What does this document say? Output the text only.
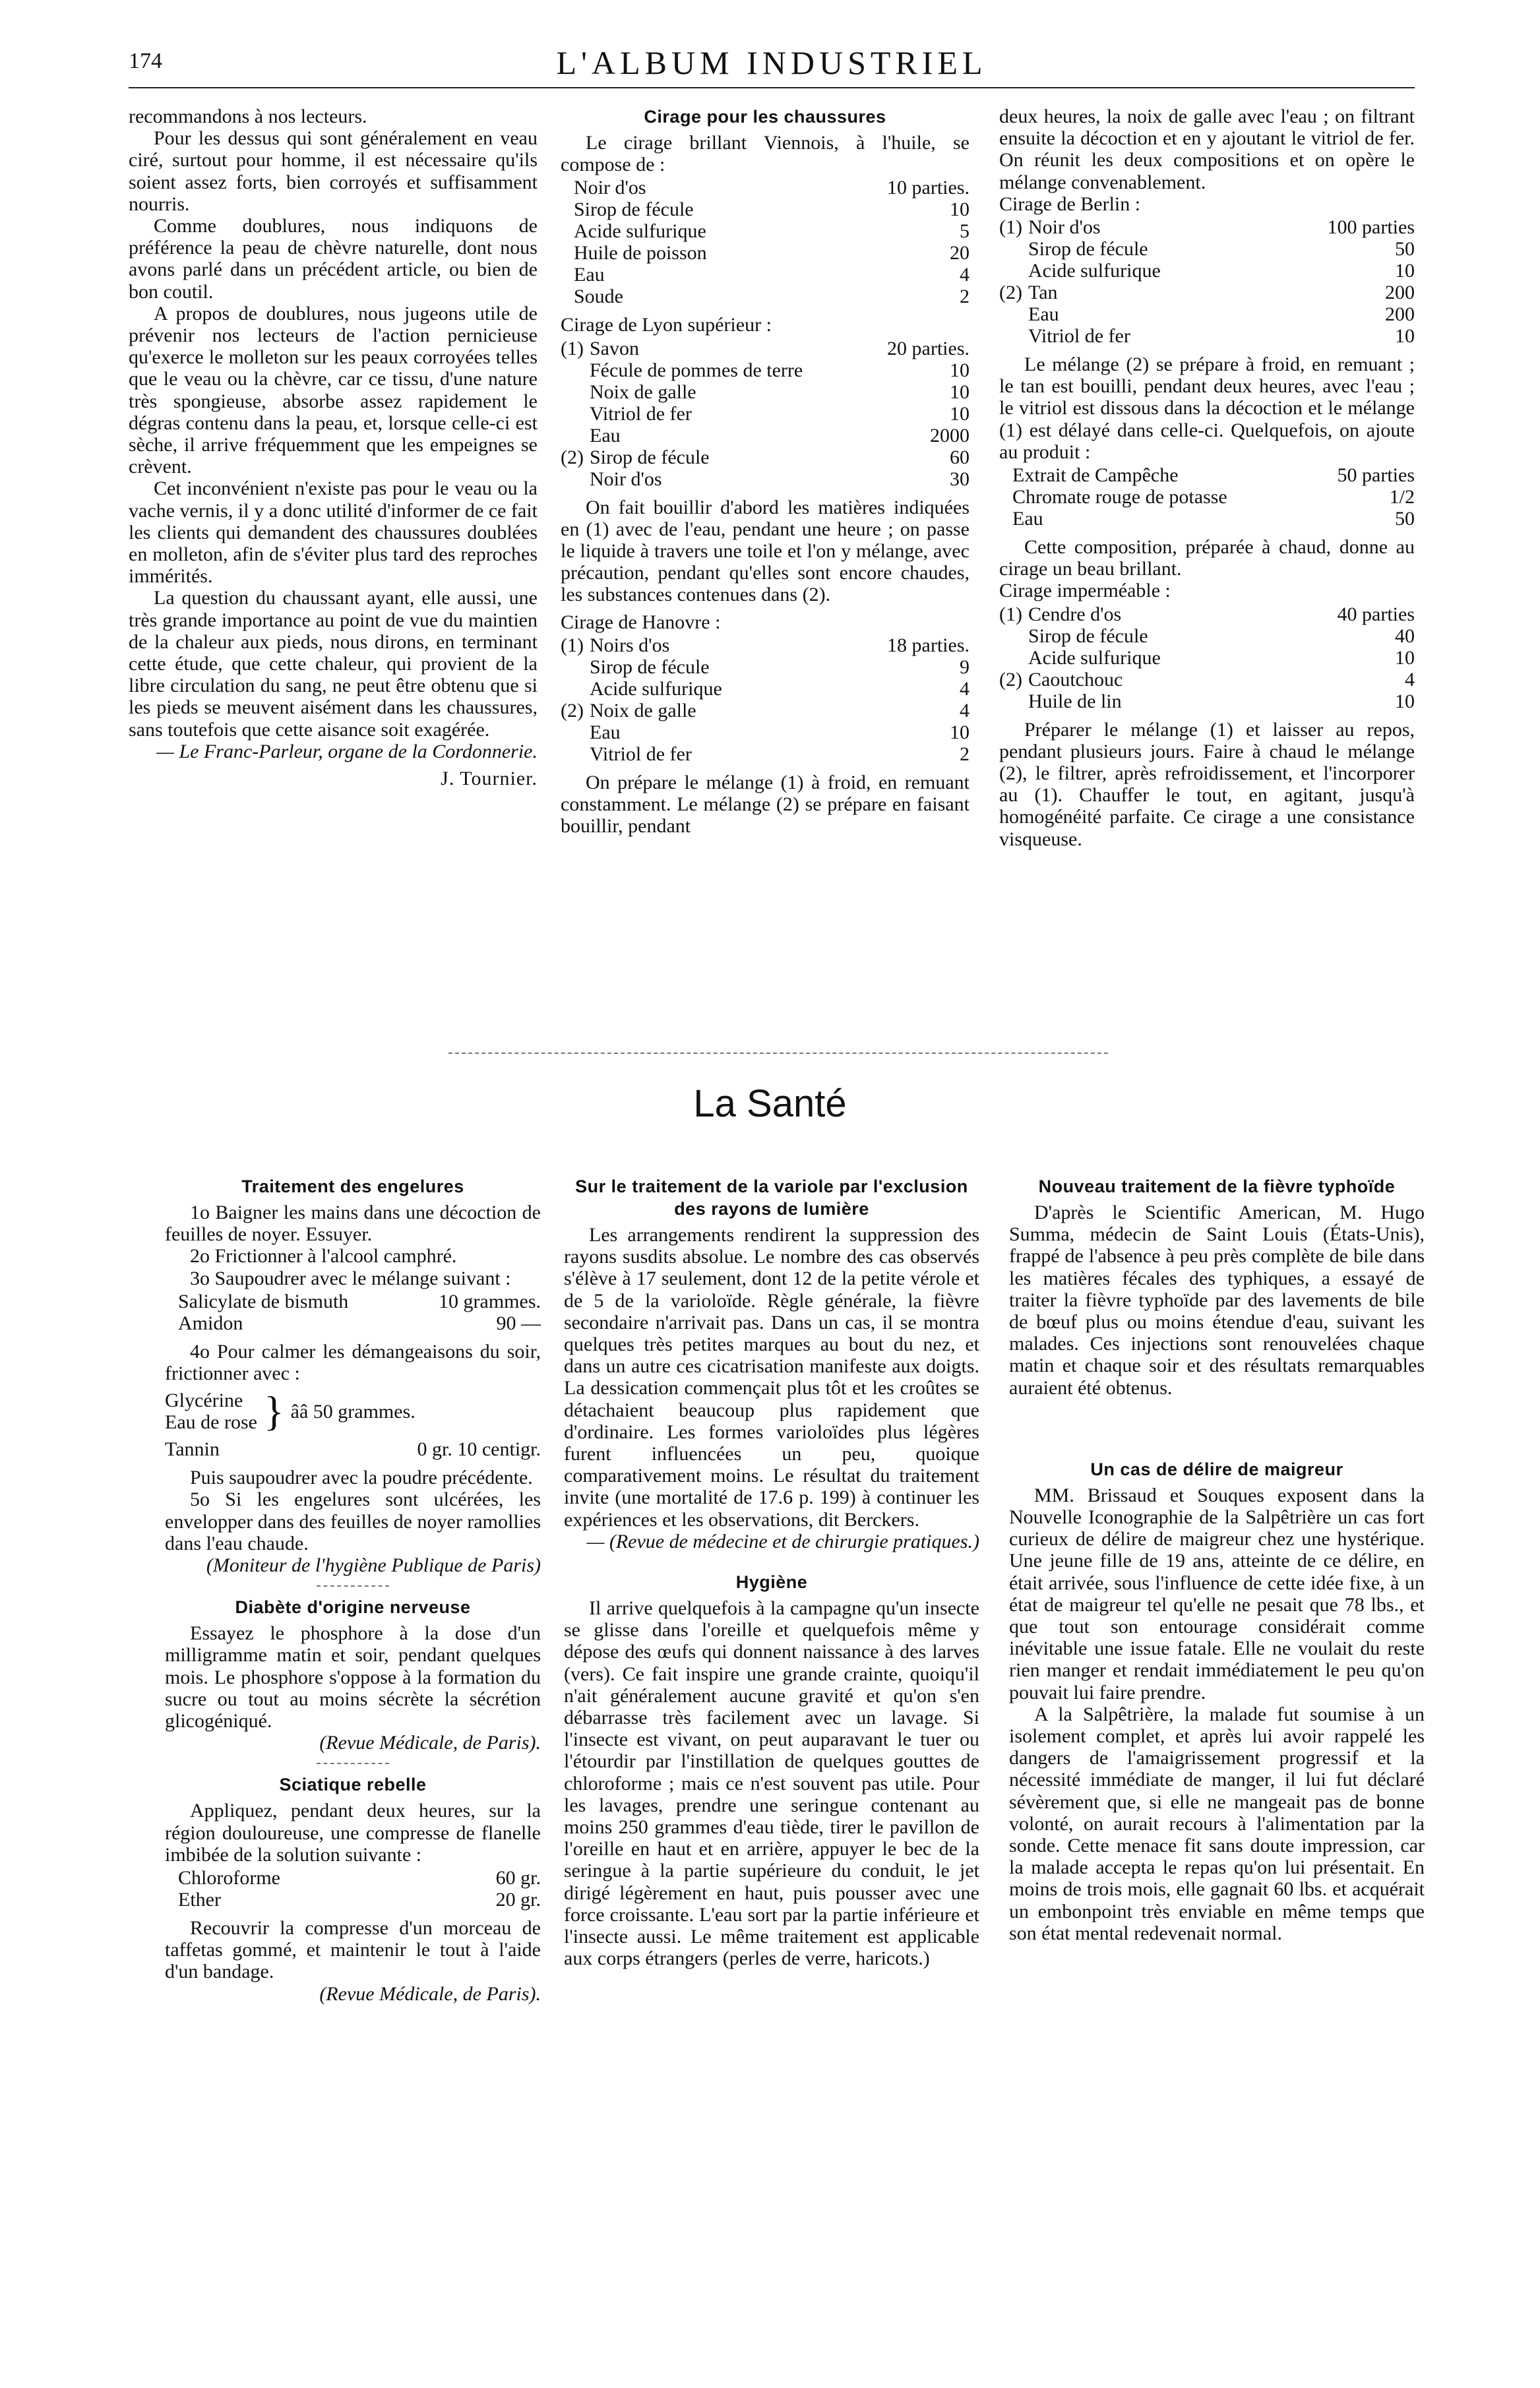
174	L'ALBUM INDUSTRIEL

recommandons à nos lecteurs.

Pour les dessus qui sont généralement en veau ciré, surtout pour homme, il est nécessaire qu'ils soient assez forts, bien corroyés et suffisamment nourris.

Comme doublures, nous indiquons de préférence la peau de chèvre naturelle, dont nous avons parlé dans un précédent article, ou bien de bon coutil.

A propos de doublures, nous jugeons utile de prévenir nos lecteurs de l'action pernicieuse qu'exerce le molleton sur les peaux corroyées telles que le veau ou la chèvre, car ce tissu, d'une nature très spongieuse, absorbe assez rapidement le dégras contenu dans la peau, et, lorsque celle-ci est sèche, il arrive fréquemment que les empeignes se crèvent.

Cet inconvénient n'existe pas pour le veau ou la vache vernis, il y a donc utilité d'informer de ce fait les clients qui demandent des chaussures doublées en molleton, afin de s'éviter plus tard des reproches immérités.

La question du chaussant ayant, elle aussi, une très grande importance au point de vue du maintien de la chaleur aux pieds, nous dirons, en terminant cette étude, que cette chaleur, qui provient de la libre circulation du sang, ne peut être obtenu que si les pieds se meuvent aisément dans les chaussures, sans toutefois que cette aisance soit exagérée.

— Le Franc-Parleur, organe de la Cordonnerie.
J. Tournier.
Cirage pour les chaussures

Le cirage brillant Viennois, à l'huile, se compose de :

Noir d'os	10 parties.
Sirop de fécule	10
Acide sulfurique	5
Huile de poisson	20
Eau	4
Soude	2

Cirage de Lyon supérieur :

(1)	Savon	20 parties.
	Fécule de pommes de terre	10
	Noix de galle	10
	Vitriol de fer	10
	Eau	2000
(2)	Sirop de fécule	60
	Noir d'os	30

On fait bouillir d'abord les matières indiquées en (1) avec de l'eau, pendant une heure ; on passe le liquide à travers une toile et l'on y mélange, avec précaution, pendant qu'elles sont encore chaudes, les substances contenues dans (2).

Cirage de Hanovre :

(1)	Noirs d'os	18 parties.
	Sirop de fécule	9
	Acide sulfurique	4
(2)	Noix de galle	4
	Eau	10
	Vitriol de fer	2

On prépare le mélange (1) à froid, en remuant constamment. Le mélange (2) se prépare en faisant bouillir, pendant

deux heures, la noix de galle avec l'eau ; on filtrant ensuite la décoction et en y ajoutant le vitriol de fer. On réunit les deux compositions et on opère le mélange convenablement.

Cirage de Berlin :

(1)	Noir d'os	100 parties
	Sirop de fécule	50
	Acide sulfurique	10
(2)	Tan	200
	Eau	200
	Vitriol de fer	10

Le mélange (2) se prépare à froid, en remuant ; le tan est bouilli, pendant deux heures, avec l'eau ; le vitriol est dissous dans la décoction et le mélange (1) est délayé dans celle-ci. Quelquefois, on ajoute au produit :

Extrait de Campêche	50 parties
Chromate rouge de potasse	1/2
Eau	50

Cette composition, préparée à chaud, donne au cirage un beau brillant.

Cirage imperméable :

(1)	Cendre d'os	40 parties
	Sirop de fécule	40
	Acide sulfurique	10
(2)	Caoutchouc	4
	Huile de lin	10

Préparer le mélange (1) et laisser au repos, pendant plusieurs jours. Faire à chaud le mélange (2), le filtrer, après refroidissement, et l'incorporer au (1). Chauffer le tout, en agitant, jusqu'à homogénéité parfaite. Ce cirage a une consistance visqueuse.

La Santé
Traitement des engelures

1o Baigner les mains dans une décoction de feuilles de noyer. Essuyer.

2o Frictionner à l'alcool camphré.

3o Saupoudrer avec le mélange suivant :

Salicylate de bismuth	10 grammes.
Amidon	90 —

4o Pour calmer les démangeaisons du soir, frictionner avec :

Glycérine
Eau de rose } ââ 50 grammes.
Tannin	0 gr. 10 centigr.

Puis saupoudrer avec la poudre précédente.

5o Si les engelures sont ulcérées, les envelopper dans des feuilles de noyer ramollies dans l'eau chaude.

(Moniteur de l'hygiène Publique de Paris)
Diabète d'origine nerveuse

Essayez le phosphore à la dose d'un milligramme matin et soir, pendant quelques mois. Le phosphore s'oppose à la formation du sucre ou tout au moins sécrète la sécrétion glicogéniqué.

(Revue Médicale, de Paris).
Sciatique rebelle

Appliquez, pendant deux heures, sur la région douloureuse, une compresse de flanelle imbibée de la solution suivante :

Chloroforme	60 gr.
Ether	20 gr.

Recouvrir la compresse d'un morceau de taffetas gommé, et maintenir le tout à l'aide d'un bandage.

(Revue Médicale, de Paris).
Sur le traitement de la variole par l'exclusion des rayons de lumière

Les arrangements rendirent la suppression des rayons susdits absolue. Le nombre des cas observés s'élève à 17 seulement, dont 12 de la petite vérole et de 5 de la varioloïde. Règle générale, la fièvre secondaire n'arrivait pas. Dans un cas, il se montra quelques très petites marques au bout du nez, et dans un autre ces cicatrisation manifeste aux doigts. La dessication commençait plus tôt et les croûtes se détachaient beaucoup plus rapidement que d'ordinaire. Les formes varioloïdes plus légères furent influencées un peu, quoique comparativement moins. Le résultat du traitement invite (une mortalité de 17.6 p. 199) à continuer les expériences et les observations, dit Berckers.

— (Revue de médecine et de chirurgie pratiques.)
Hygiène

Il arrive quelquefois à la campagne qu'un insecte se glisse dans l'oreille et quelquefois même y dépose des œufs qui donnent naissance à des larves (vers). Ce fait inspire une grande crainte, quoiqu'il n'ait généralement aucune gravité et qu'on s'en débarrasse très facilement avec un lavage. Si l'insecte est vivant, on peut auparavant le tuer ou l'étourdir par l'instillation de quelques gouttes de chloroforme ; mais ce n'est souvent pas utile. Pour les lavages, prendre une seringue contenant au moins 250 grammes d'eau tiède, tirer le pavillon de l'oreille en haut et en arrière, appuyer le bec de la seringue à la partie supérieure du conduit, le jet dirigé légèrement en haut, puis pousser avec une force croissante. L'eau sort par la partie inférieure et l'insecte aussi. Le même traitement est applicable aux corps étrangers (perles de verre, haricots.)

Nouveau traitement de la fièvre typhoïde

D'après le Scientific American, M. Hugo Summa, médecin de Saint Louis (États-Unis), frappé de l'absence à peu près complète de bile dans les matières fécales des typhiques, a essayé de traiter la fièvre typhoïde par des lavements de bile de bœuf plus ou moins étendue d'eau, suivant les malades. Ces injections sont renouvelées chaque matin et chaque soir et des résultats remarquables auraient été obtenus.

Un cas de délire de maigreur

MM. Brissaud et Souques exposent dans la Nouvelle Iconographie de la Salpêtrière un cas fort curieux de délire de maigreur chez une hystérique. Une jeune fille de 19 ans, atteinte de ce délire, en était arrivée, sous l'influence de cette idée fixe, à un état de maigreur tel qu'elle ne pesait que 78 lbs., et que tout son entourage considérait comme inévitable une issue fatale. Elle ne voulait du reste rien manger et rendait immédiatement le peu qu'on pouvait lui faire prendre.

A la Salpêtrière, la malade fut soumise à un isolement complet, et après lui avoir rappelé les dangers de l'amaigrissement progressif et la nécessité immédiate de manger, il lui fut déclaré sévèrement que, si elle ne mangeait pas de bonne volonté, on aurait recours à l'alimentation par la sonde. Cette menace fit sans doute impression, car la malade accepta le repas qu'on lui présentait. En moins de trois mois, elle gagnait 60 lbs. et acquérait un embonpoint très enviable en même temps que son état mental redevenait normal.
